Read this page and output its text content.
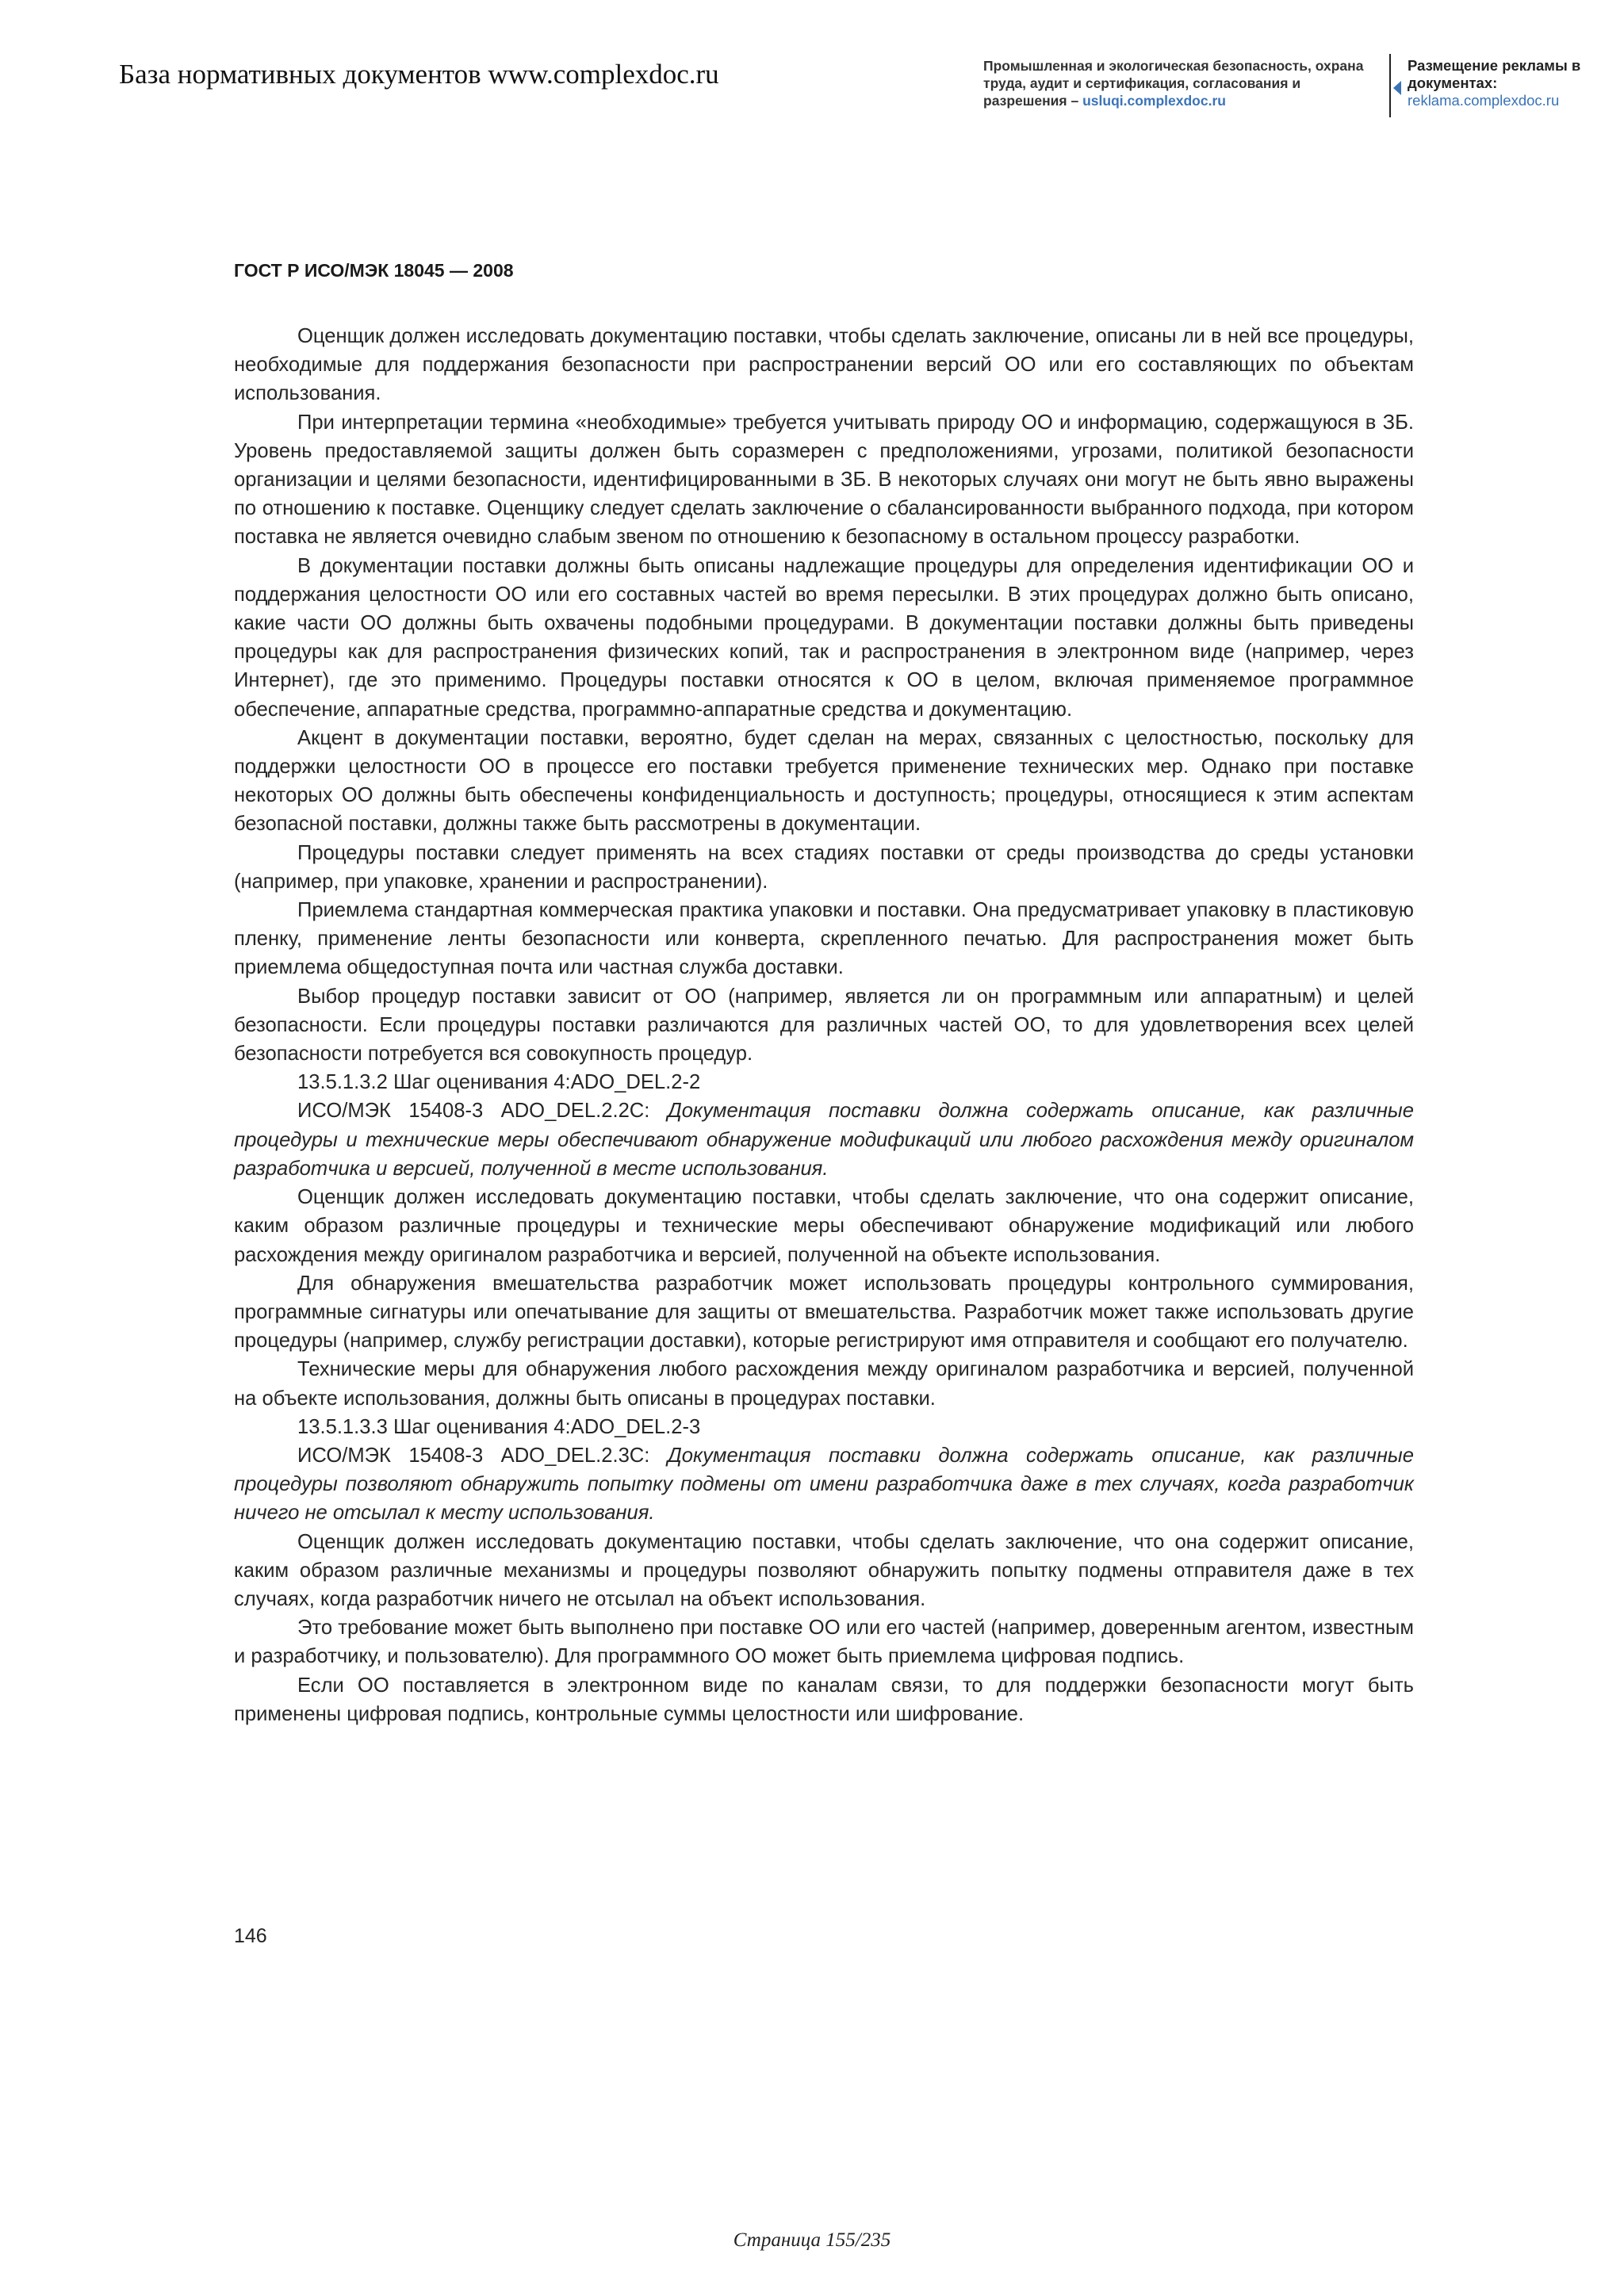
База нормативных документов www.complexdoc.ru	Промышленная и экологическая безопасность, охрана труда, аудит и сертификация, согласования и разрешения – usluqi.complexdoc.ru
Размещение рекламы в документах:
reklama.complexdoc.ru
ГОСТ Р ИСО/МЭК 18045 — 2008

Оценщик должен исследовать документацию поставки, чтобы сделать заключение, описаны ли в ней все процедуры, необходимые для поддержания безопасности при распространении версий ОО или его составляющих по объектам использования.

При интерпретации термина «необходимые» требуется учитывать природу ОО и информацию, содержащуюся в ЗБ. Уровень предоставляемой защиты должен быть соразмерен с предположениями, угрозами, политикой безопасности организации и целями безопасности, идентифицированными в ЗБ. В некоторых случаях они могут не быть явно выражены по отношению к поставке. Оценщику следует сделать заключение о сбалансированности выбранного подхода, при котором поставка не является очевидно слабым звеном по отношению к безопасному в остальном процессу разработки.

В документации поставки должны быть описаны надлежащие процедуры для определения идентификации ОО и поддержания целостности ОО или его составных частей во время пересылки. В этих процедурах должно быть описано, какие части ОО должны быть охвачены подобными процедурами. В документации поставки должны быть приведены процедуры как для распространения физических копий, так и распространения в электронном виде (например, через Интернет), где это применимо. Процедуры поставки относятся к ОО в целом, включая применяемое программное обеспечение, аппаратные средства, программно-аппаратные средства и документацию.

Акцент в документации поставки, вероятно, будет сделан на мерах, связанных с целостностью, поскольку для поддержки целостности ОО в процессе его поставки требуется применение технических мер. Однако при поставке некоторых ОО должны быть обеспечены конфиденциальность и доступность; процедуры, относящиеся к этим аспектам безопасной поставки, должны также быть рассмотрены в документации.

Процедуры поставки следует применять на всех стадиях поставки от среды производства до среды установки (например, при упаковке, хранении и распространении).

Приемлема стандартная коммерческая практика упаковки и поставки. Она предусматривает упаковку в пластиковую пленку, применение ленты безопасности или конверта, скрепленного печатью. Для распространения может быть приемлема общедоступная почта или частная служба доставки.

Выбор процедур поставки зависит от ОО (например, является ли он программным или аппаратным) и целей безопасности. Если процедуры поставки различаются для различных частей ОО, то для удовлетворения всех целей безопасности потребуется вся совокупность процедур.

13.5.1.3.2 Шаг оценивания 4:ADO_DEL.2-2

ИСО/МЭК 15408-3 ADO_DEL.2.2C: Документация поставки должна содержать описание, как различные процедуры и технические меры обеспечивают обнаружение модификаций или любого расхождения между оригиналом разработчика и версией, полученной в месте использования.

Оценщик должен исследовать документацию поставки, чтобы сделать заключение, что она содержит описание, каким образом различные процедуры и технические меры обеспечивают обнаружение модификаций или любого расхождения между оригиналом разработчика и версией, полученной на объекте использования.

Для обнаружения вмешательства разработчик может использовать процедуры контрольного суммирования, программные сигнатуры или опечатывание для защиты от вмешательства. Разработчик может также использовать другие процедуры (например, службу регистрации доставки), которые регистрируют имя отправителя и сообщают его получателю.

Технические меры для обнаружения любого расхождения между оригиналом разработчика и версией, полученной на объекте использования, должны быть описаны в процедурах поставки.

13.5.1.3.3 Шаг оценивания 4:ADO_DEL.2-3

ИСО/МЭК 15408-3 ADO_DEL.2.3C: Документация поставки должна содержать описание, как различные процедуры позволяют обнаружить попытку подмены от имени разработчика даже в тех случаях, когда разработчик ничего не отсылал к месту использования.

Оценщик должен исследовать документацию поставки, чтобы сделать заключение, что она содержит описание, каким образом различные механизмы и процедуры позволяют обнаружить попытку подмены отправителя даже в тех случаях, когда разработчик ничего не отсылал на объект использования.

Это требование может быть выполнено при поставке ОО или его частей (например, доверенным агентом, известным и разработчику, и пользователю). Для программного ОО может быть приемлема цифровая подпись.

Если ОО поставляется в электронном виде по каналам связи, то для поддержки безопасности могут быть применены цифровая подпись, контрольные суммы целостности или шифрование.

146
Страница 155/235
